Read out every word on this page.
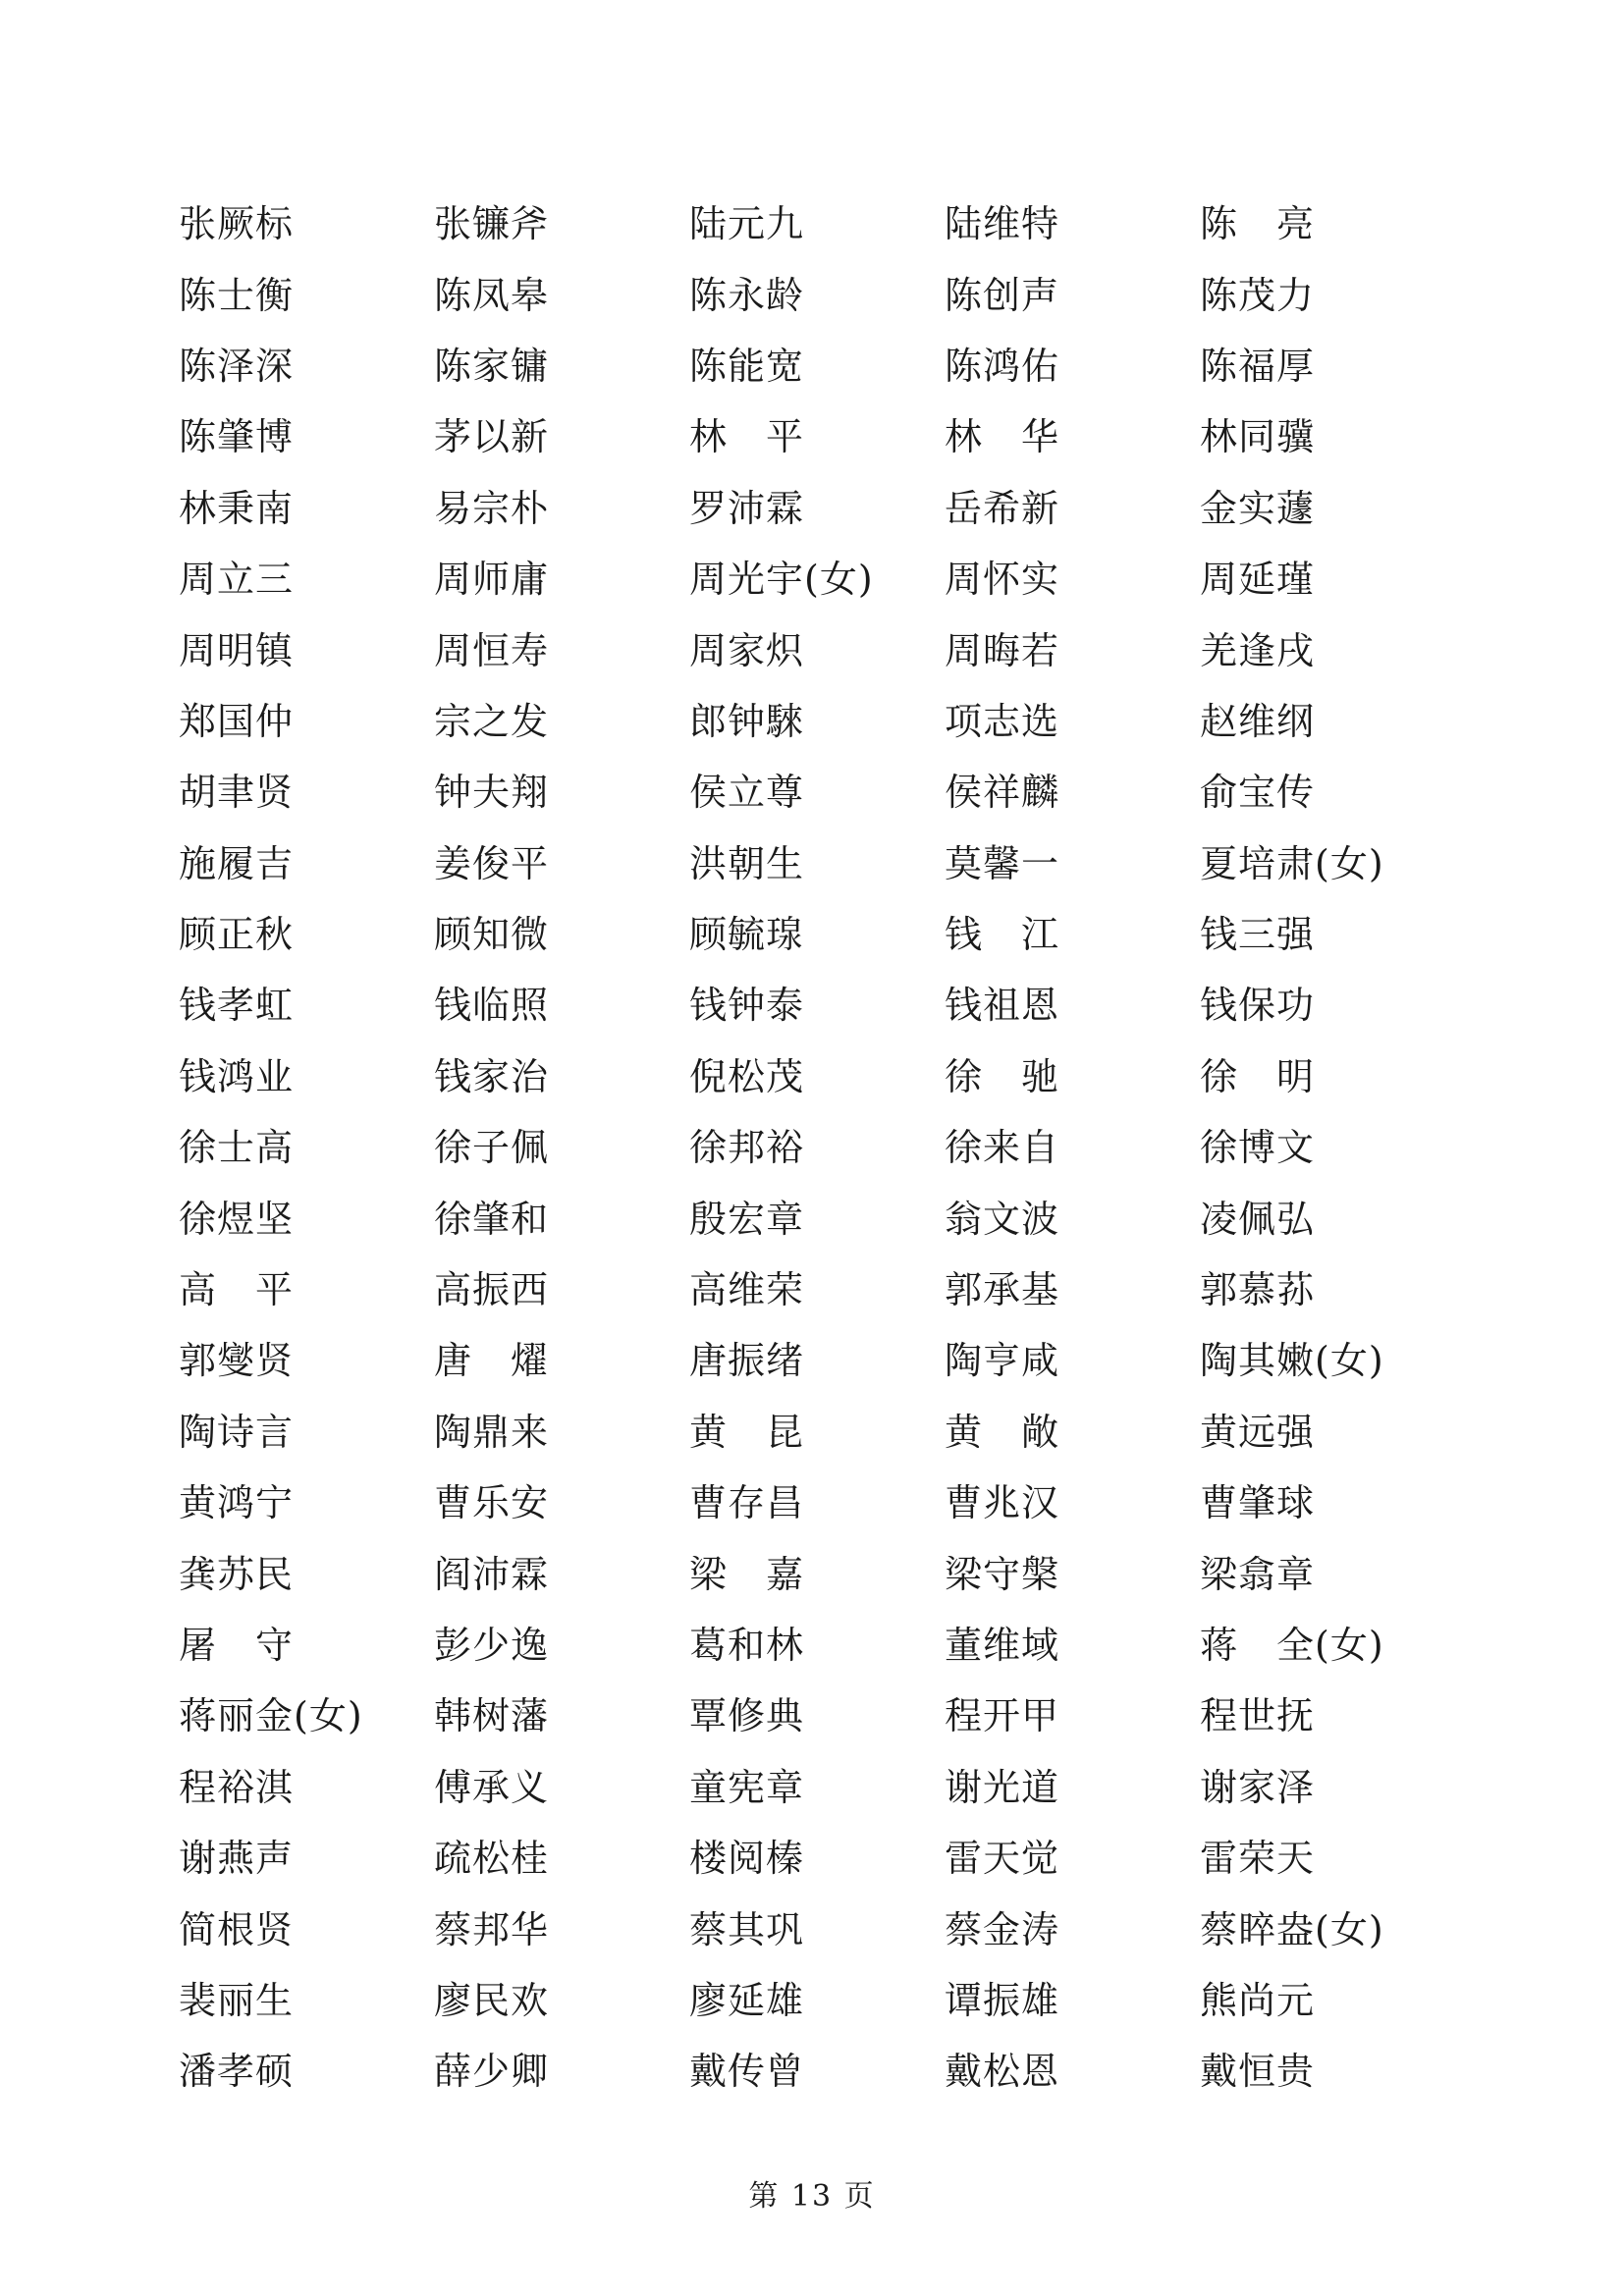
张厥标	张镰斧	陆元九	陆维特	陈　亮
陈士衡	陈凤皋	陈永龄	陈创声	陈茂力
陈泽深	陈家镛	陈能宽	陈鸿佑	陈福厚
陈肇博	茅以新	林　平	林　华	林同骥
林秉南	易宗朴	罗沛霖	岳希新	金实蘧
周立三	周师庸	周光宇(女)	周怀实	周延瑾
周明镇	周恒寿	周家炽	周晦若	羌逢戌
郑国仲	宗之发	郎钟騋	项志选	赵维纲
胡聿贤	钟夫翔	侯立尊	侯祥麟	俞宝传
施履吉	姜俊平	洪朝生	莫馨一	夏培肃(女)
顾正秋	顾知微	顾毓瑔	钱　江	钱三强
钱孝虹	钱临照	钱钟泰	钱祖恩	钱保功
钱鸿业	钱家治	倪松茂	徐　驰	徐　明
徐士高	徐子佩	徐邦裕	徐来自	徐博文
徐煜坚	徐肇和	殷宏章	翁文波	凌佩弘
高　平	高振西	高维荣	郭承基	郭慕荪
郭燮贤	唐　燿	唐振绪	陶亨咸	陶其嫩(女)
陶诗言	陶鼎来	黄　昆	黄　敞	黄远强
黄鸿宁	曹乐安	曹存昌	曹兆汉	曹肇球
龚苏民	阎沛霖	梁　嘉	梁守槃	梁翕章
屠　守	彭少逸	葛和林	董维域	蒋　全(女)
蒋丽金(女)	韩树藩	覃修典	程开甲	程世抚
程裕淇	傅承义	童宪章	谢光道	谢家泽
谢燕声	疏松桂	楼阅榛	雷天觉	雷荣天
简根贤	蔡邦华	蔡其巩	蔡金涛	蔡睟盎(女)
裴丽生	廖民欢	廖延雄	谭振雄	熊尚元
潘孝硕	薛少卿	戴传曾	戴松恩	戴恒贵
第 13 页
